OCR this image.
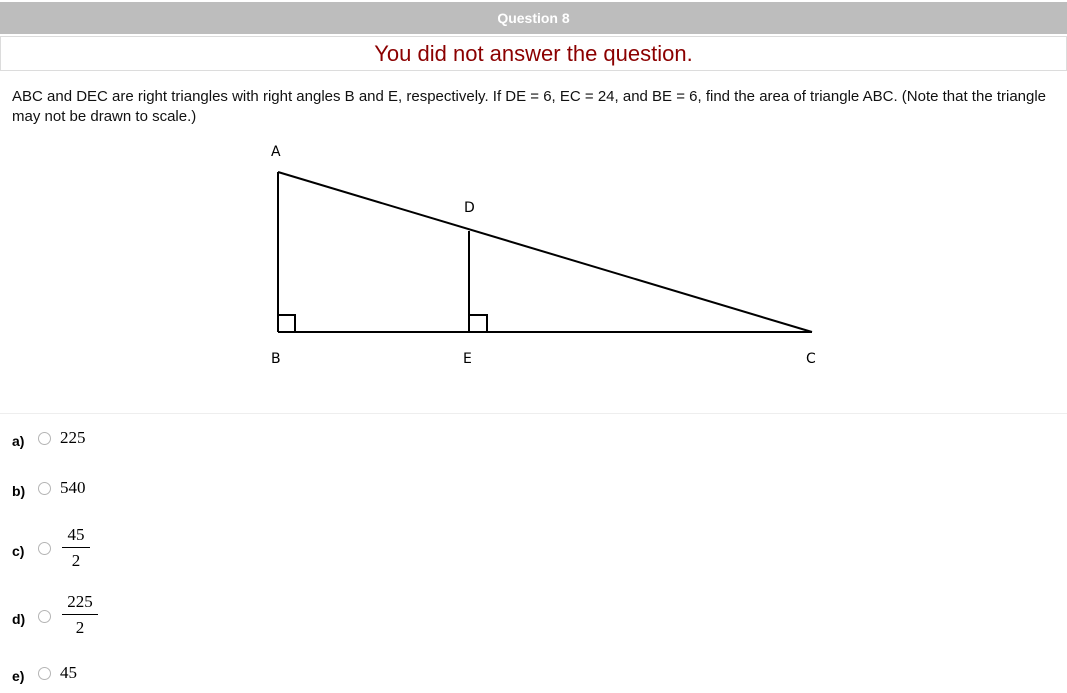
Question 8
You did not answer the question.
ABC and DEC are right triangles with right angles B and E, respectively. If DE = 6, EC = 24, and BE = 6, find the area of triangle ABC. (Note that the triangle may not be drawn to scale.)
A
D
B	E	C
a) 225
b) 540
c)
45
2
d)
225
2
e) 45
